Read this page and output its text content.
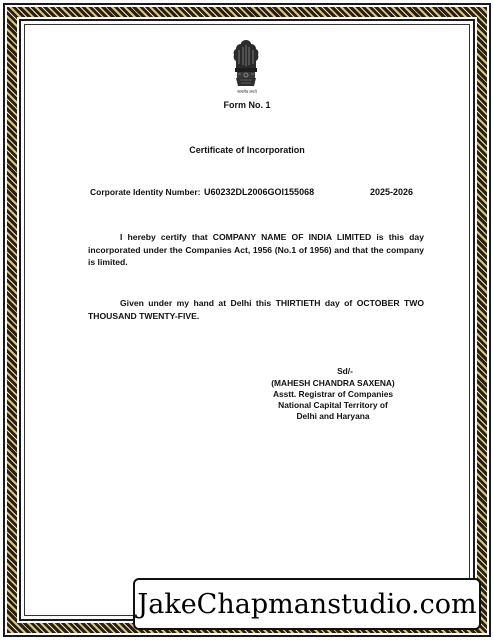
सत्यमेव जयते
Form No. 1
Certificate of Incorporation
Corporate Identity Number: U60232DL2006GOI155068	2025-2026

I hereby certify that COMPANY NAME OF INDIA LIMITED is this day incorporated under the Companies Act, 1956 (No.1 of 1956) and that the company is limited.

Given under my hand at Delhi this THIRTIETH day of OCTOBER TWO THOUSAND TWENTY-FIVE.

Sd/-
(MAHESH CHANDRA SAXENA)
Asstt. Registrar of Companies
National Capital Territory of
Delhi and Haryana
JakeChapmanstudio.com
